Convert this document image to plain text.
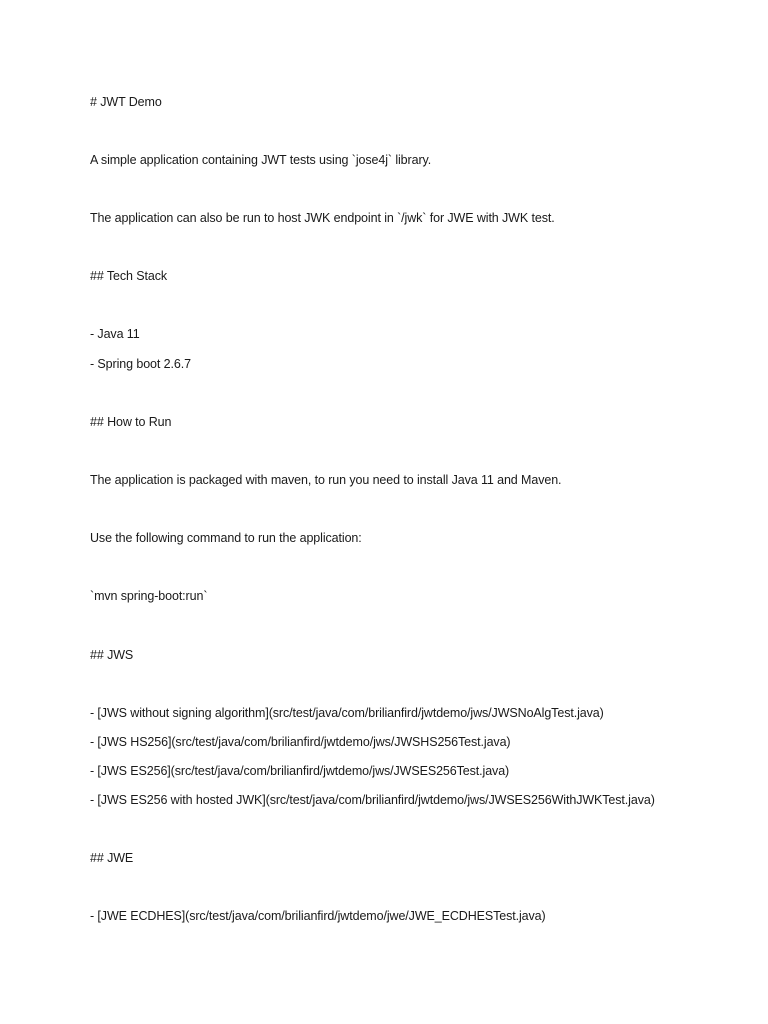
# JWT Demo
A simple application containing JWT tests using `jose4j` library.
The application can also be run to host JWK endpoint in `/jwk` for JWE with JWK test.
## Tech Stack
- Java 11
- Spring boot 2.6.7
## How to Run
The application is packaged with maven, to run you need to install Java 11 and Maven.
Use the following command to run the application:
`mvn spring-boot:run`
## JWS
- [JWS without signing algorithm](src/test/java/com/brilianfird/jwtdemo/jws/JWSNoAlgTest.java)
- [JWS HS256](src/test/java/com/brilianfird/jwtdemo/jws/JWSHS256Test.java)
- [JWS ES256](src/test/java/com/brilianfird/jwtdemo/jws/JWSES256Test.java)
- [JWS ES256 with hosted JWK](src/test/java/com/brilianfird/jwtdemo/jws/JWSES256WithJWKTest.java)
## JWE
- [JWE ECDHES](src/test/java/com/brilianfird/jwtdemo/jwe/JWE_ECDHESTest.java)
